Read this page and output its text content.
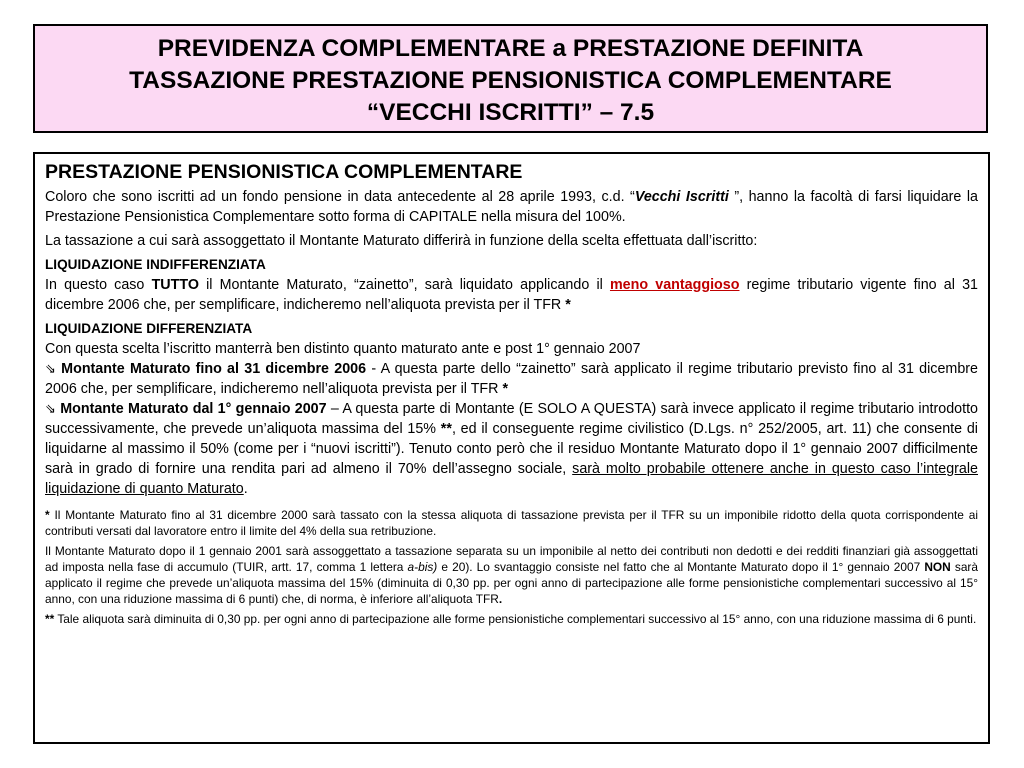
PREVIDENZA COMPLEMENTARE a PRESTAZIONE DEFINITA
TASSAZIONE PRESTAZIONE PENSIONISTICA COMPLEMENTARE
“VECCHI ISCRITTI” – 7.5
PRESTAZIONE PENSIONISTICA COMPLEMENTARE

Coloro che sono iscritti ad un fondo pensione in data antecedente al 28 aprile 1993, c.d. “Vecchi Iscritti ”, hanno la facoltà di farsi liquidare la Prestazione Pensionistica Complementare sotto forma di CAPITALE nella misura del 100%.

La tassazione a cui sarà assoggettato il Montante Maturato differirà in funzione della scelta effettuata dall’iscritto:

LIQUIDAZIONE INDIFFERENZIATA

In questo caso TUTTO il Montante Maturato, “zainetto”, sarà liquidato applicando il meno vantaggioso regime tributario vigente fino al 31 dicembre 2006 che, per semplificare, indicheremo nell’aliquota prevista per il TFR *

LIQUIDAZIONE DIFFERENZIATA

Con questa scelta l’iscritto manterrà ben distinto quanto maturato ante e post 1° gennaio 2007

⇘ Montante Maturato fino al 31 dicembre 2006 - A questa parte dello “zainetto” sarà applicato il regime tributario previsto fino al 31 dicembre 2006 che, per semplificare, indicheremo nell’aliquota prevista per il TFR *

⇘ Montante Maturato dal 1° gennaio 2007 – A questa parte di Montante (E SOLO A QUESTA) sarà invece applicato il regime tributario introdotto successivamente, che prevede un’aliquota massima del 15% **, ed il conseguente regime civilistico (D.Lgs. n° 252/2005, art. 11) che consente di liquidarne al massimo il 50% (come per i “nuovi iscritti”). Tenuto conto però che il residuo Montante Maturato dopo il 1° gennaio 2007 difficilmente sarà in grado di fornire una rendita pari ad almeno il 70% dell’assegno sociale, sarà molto probabile ottenere anche in questo caso l’integrale liquidazione di quanto Maturato.

* Il Montante Maturato fino al 31 dicembre 2000 sarà tassato con la stessa aliquota di tassazione prevista per il TFR su un imponibile ridotto della quota corrispondente ai contributi versati dal lavoratore entro il limite del 4% della sua retribuzione.

Il Montante Maturato dopo il 1 gennaio 2001 sarà assoggettato a tassazione separata su un imponibile al netto dei contributi non dedotti e dei redditi finanziari già assoggettati ad imposta nella fase di accumulo (TUIR, artt. 17, comma 1 lettera a-bis) e 20). Lo svantaggio consiste nel fatto che al Montante Maturato dopo il 1° gennaio 2007 NON sarà applicato il regime che prevede un’aliquota massima del 15% (diminuita di 0,30 pp. per ogni anno di partecipazione alle forme pensionistiche complementari successivo al 15° anno, con una riduzione massima di 6 punti) che, di norma, è inferiore all’aliquota TFR.

** Tale aliquota sarà diminuita di 0,30 pp. per ogni anno di partecipazione alle forme pensionistiche complementari successivo al 15° anno, con una riduzione massima di 6 punti.
